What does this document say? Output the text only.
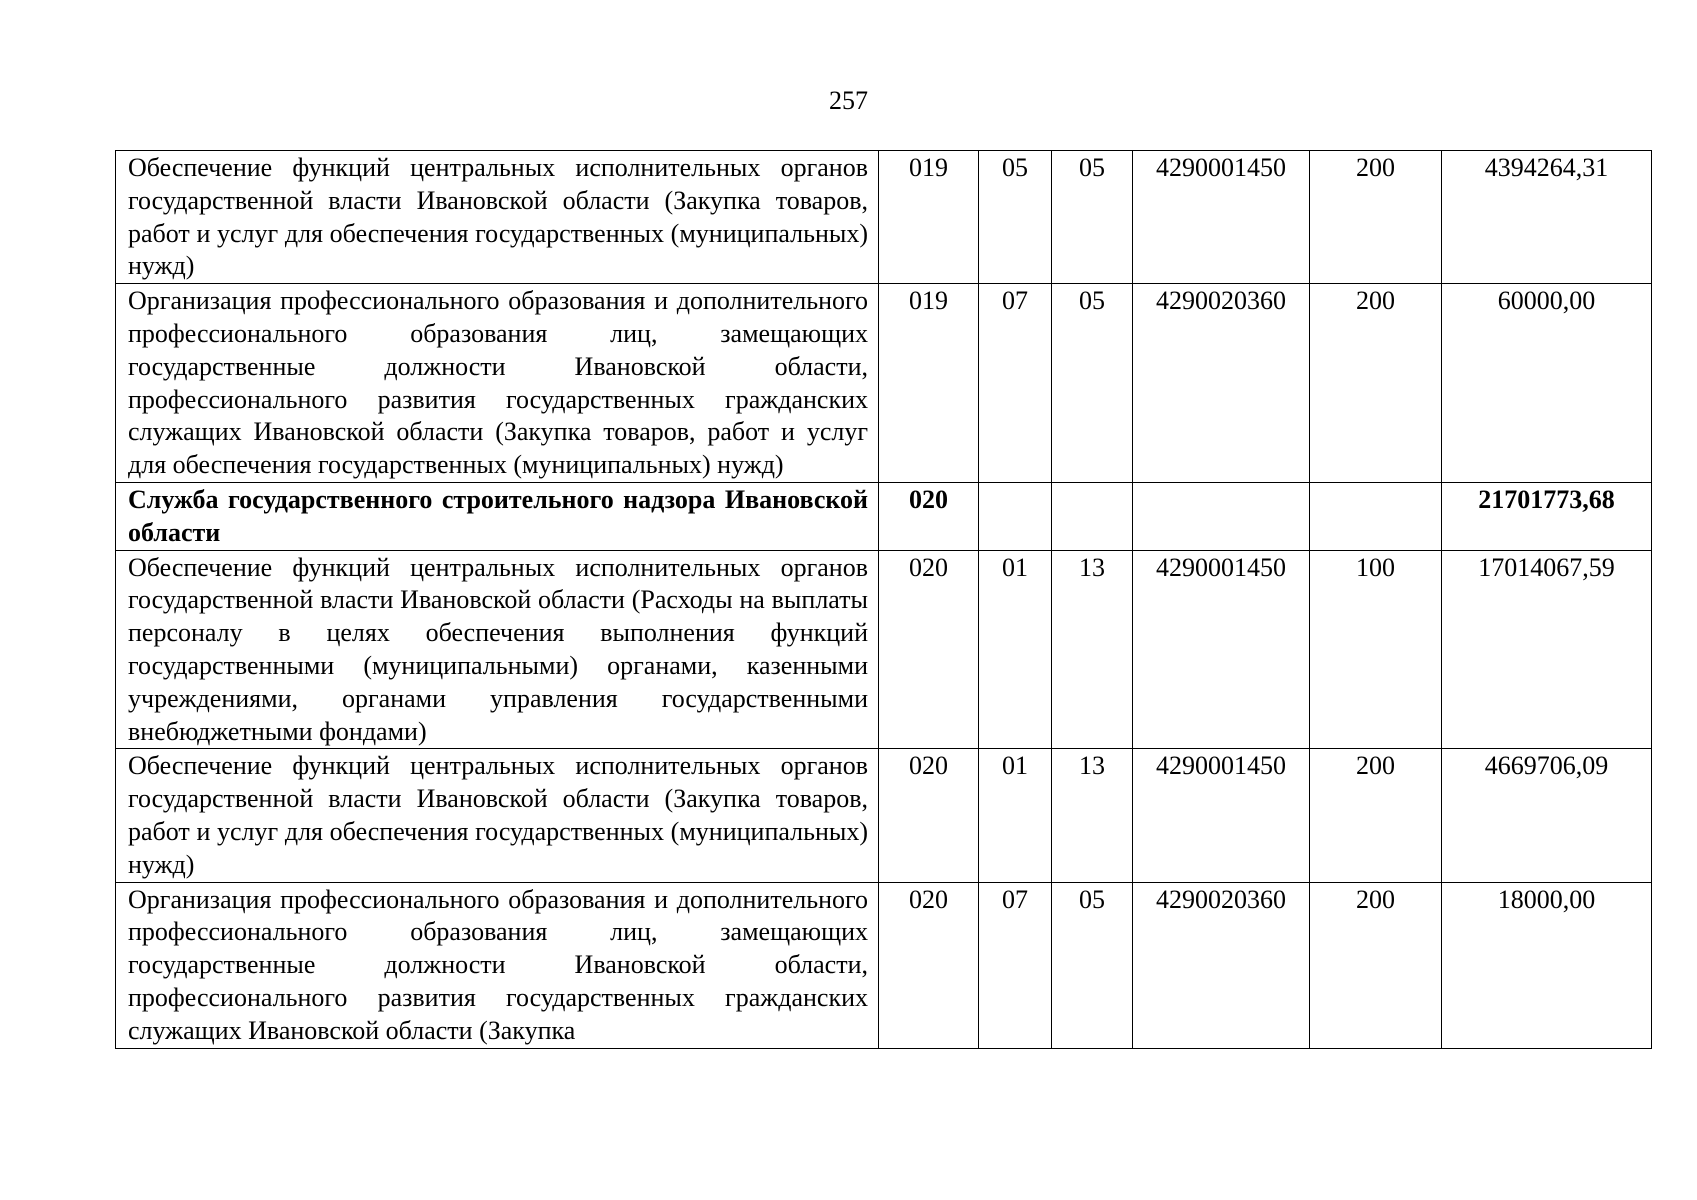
257
Обеспечение функций центральных исполнительных органов государственной власти Ивановской области (Закупка товаров, работ и услуг для обеспечения государственных (муниципальных) нужд)	019	05	05	4290001450	200	4394264,31
Организация профессионального образования и дополнительного профессионального образования лиц, замещающих государственные должности Ивановской области, профессионального развития государственных гражданских служащих Ивановской области (Закупка товаров, работ и услуг для обеспечения государственных (муниципальных) нужд)	019	07	05	4290020360	200	60000,00
Служба государственного строительного надзора Ивановской области	020					21701773,68
Обеспечение функций центральных исполнительных органов государственной власти Ивановской области (Расходы на выплаты персоналу в целях обеспечения выполнения функций государственными (муниципальными) органами, казенными учреждениями, органами управления государственными внебюджетными фондами)	020	01	13	4290001450	100	17014067,59
Обеспечение функций центральных исполнительных органов государственной власти Ивановской области (Закупка товаров, работ и услуг для обеспечения государственных (муниципальных) нужд)	020	01	13	4290001450	200	4669706,09
Организация профессионального образования и дополнительного профессионального образования лиц, замещающих государственные должности Ивановской области, профессионального развития государственных гражданских служащих Ивановской области (Закупка	020	07	05	4290020360	200	18000,00
